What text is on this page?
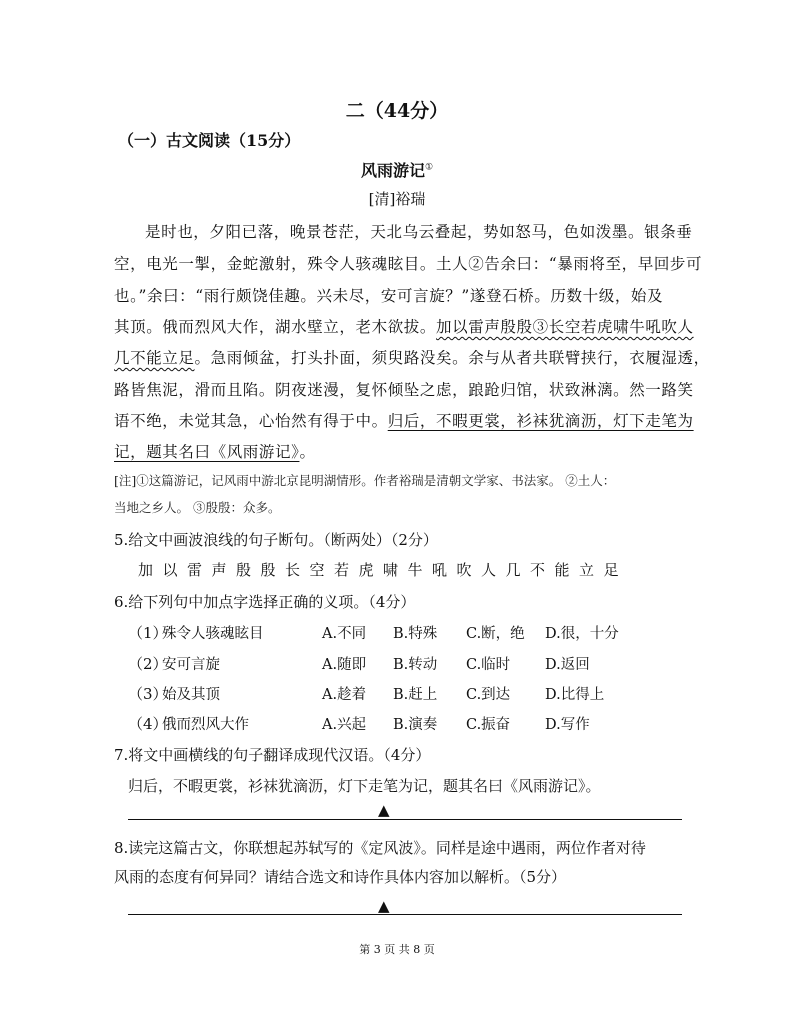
二（44分）
（一）古文阅读（15分）
风雨游记①
[清]裕瑞
是时也，夕阳已落，晚景苍茫，天北乌云叠起，势如怒马，色如泼墨。银条垂
空，电光一掣，金蛇激射，殊令人骇魂眩目。土人②告余曰：“暴雨将至，早回步可
也。”余曰：“雨行颇饶佳趣。兴未尽，安可言旋？”遂登石桥。历数十级，始及
其顶。俄而烈风大作，湖水壁立，老木欲拔。加以雷声殷殷③长空若虎啸牛吼吹人
几不能立足。急雨倾盆，打头扑面，须臾路没矣。余与从者共联臂挟行，衣履湿透，
路皆焦泥，滑而且陷。阴夜迷漫，复怀倾坠之虑，踉跄归馆，状致淋漓。然一路笑
语不绝，未觉其急，心怡然有得于中。归后，不暇更裳，衫袜犹滴沥，灯下走笔为
记，题其名曰《风雨游记》。
[注]①这篇游记，记风雨中游北京昆明湖情形。作者裕瑞是清朝文学家、书法家。 ②土人：
当地之乡人。 ③殷殷：众多。
5.给文中画波浪线的句子断句。（断两处）（2分）
加以雷声殷殷长空若虎啸牛吼吹人几不能立足
6.给下列句中加点字选择正确的义项。（4分）
（1）
殊令人骇魂眩目	A.不同 B.特殊 C.断，绝 D.很，十分
（2）
安可言旋	A.随即 B.转动 C.临时 D.返回
（3）
始及其顶	A.趁着 B.赶上 C.到达 D.比得上
（4）
俄而烈风大作	A.兴起 B.演奏 C.振奋 D.写作
7.将文中画横线的句子翻译成现代汉语。（4分）
归后，不暇更裳，衫袜犹滴沥，灯下走笔为记，题其名曰《风雨游记》。
▲
8.读完这篇古文，你联想起苏轼写的《定风波》。同样是途中遇雨，两位作者对待
风雨的态度有何异同？请结合选文和诗作具体内容加以解析。（5分）
▲
第 3 页 共 8 页
